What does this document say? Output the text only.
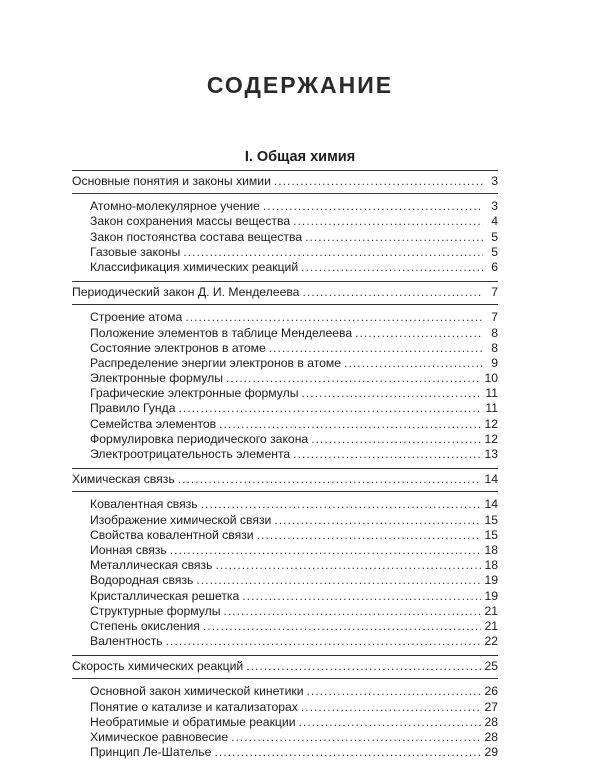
СОДЕРЖАНИЕ
I. Общая химия
Основные понятия и законы химии .....	3
Атомно-молекулярное учение .....	3
Закон сохранения массы вещества .....	4
Закон постоянства состава вещества .....	5
Газовые законы .....	5
Классификация химических реакций .....	6
Периодический закон Д. И. Менделеева .....	7
Строение атома .....	7
Положение элементов в таблице Менделеева .....	8
Состояние электронов в атоме .....	8
Распределение энергии электронов в атоме .....	9
Электронные формулы .....	10
Графические электронные формулы .....	11
Правило Гунда .....	11
Семейства элементов .....	12
Формулировка периодического закона .....	12
Электроотрицательность элемента .....	13
Химическая связь .....	14
Ковалентная связь .....	14
Изображение химической связи .....	15
Свойства ковалентной связи .....	15
Ионная связь .....	18
Металлическая связь .....	18
Водородная связь .....	19
Кристаллическая решетка .....	19
Структурные формулы .....	21
Степень окисления .....	21
Валентность .....	22
Скорость химических реакций .....	25
Основной закон химической кинетики .....	26
Понятие о катализе и катализаторах .....	27
Необратимые и обратимые реакции .....	28
Химическое равновесие .....	28
Принцип Ле-Шателье .....	29
